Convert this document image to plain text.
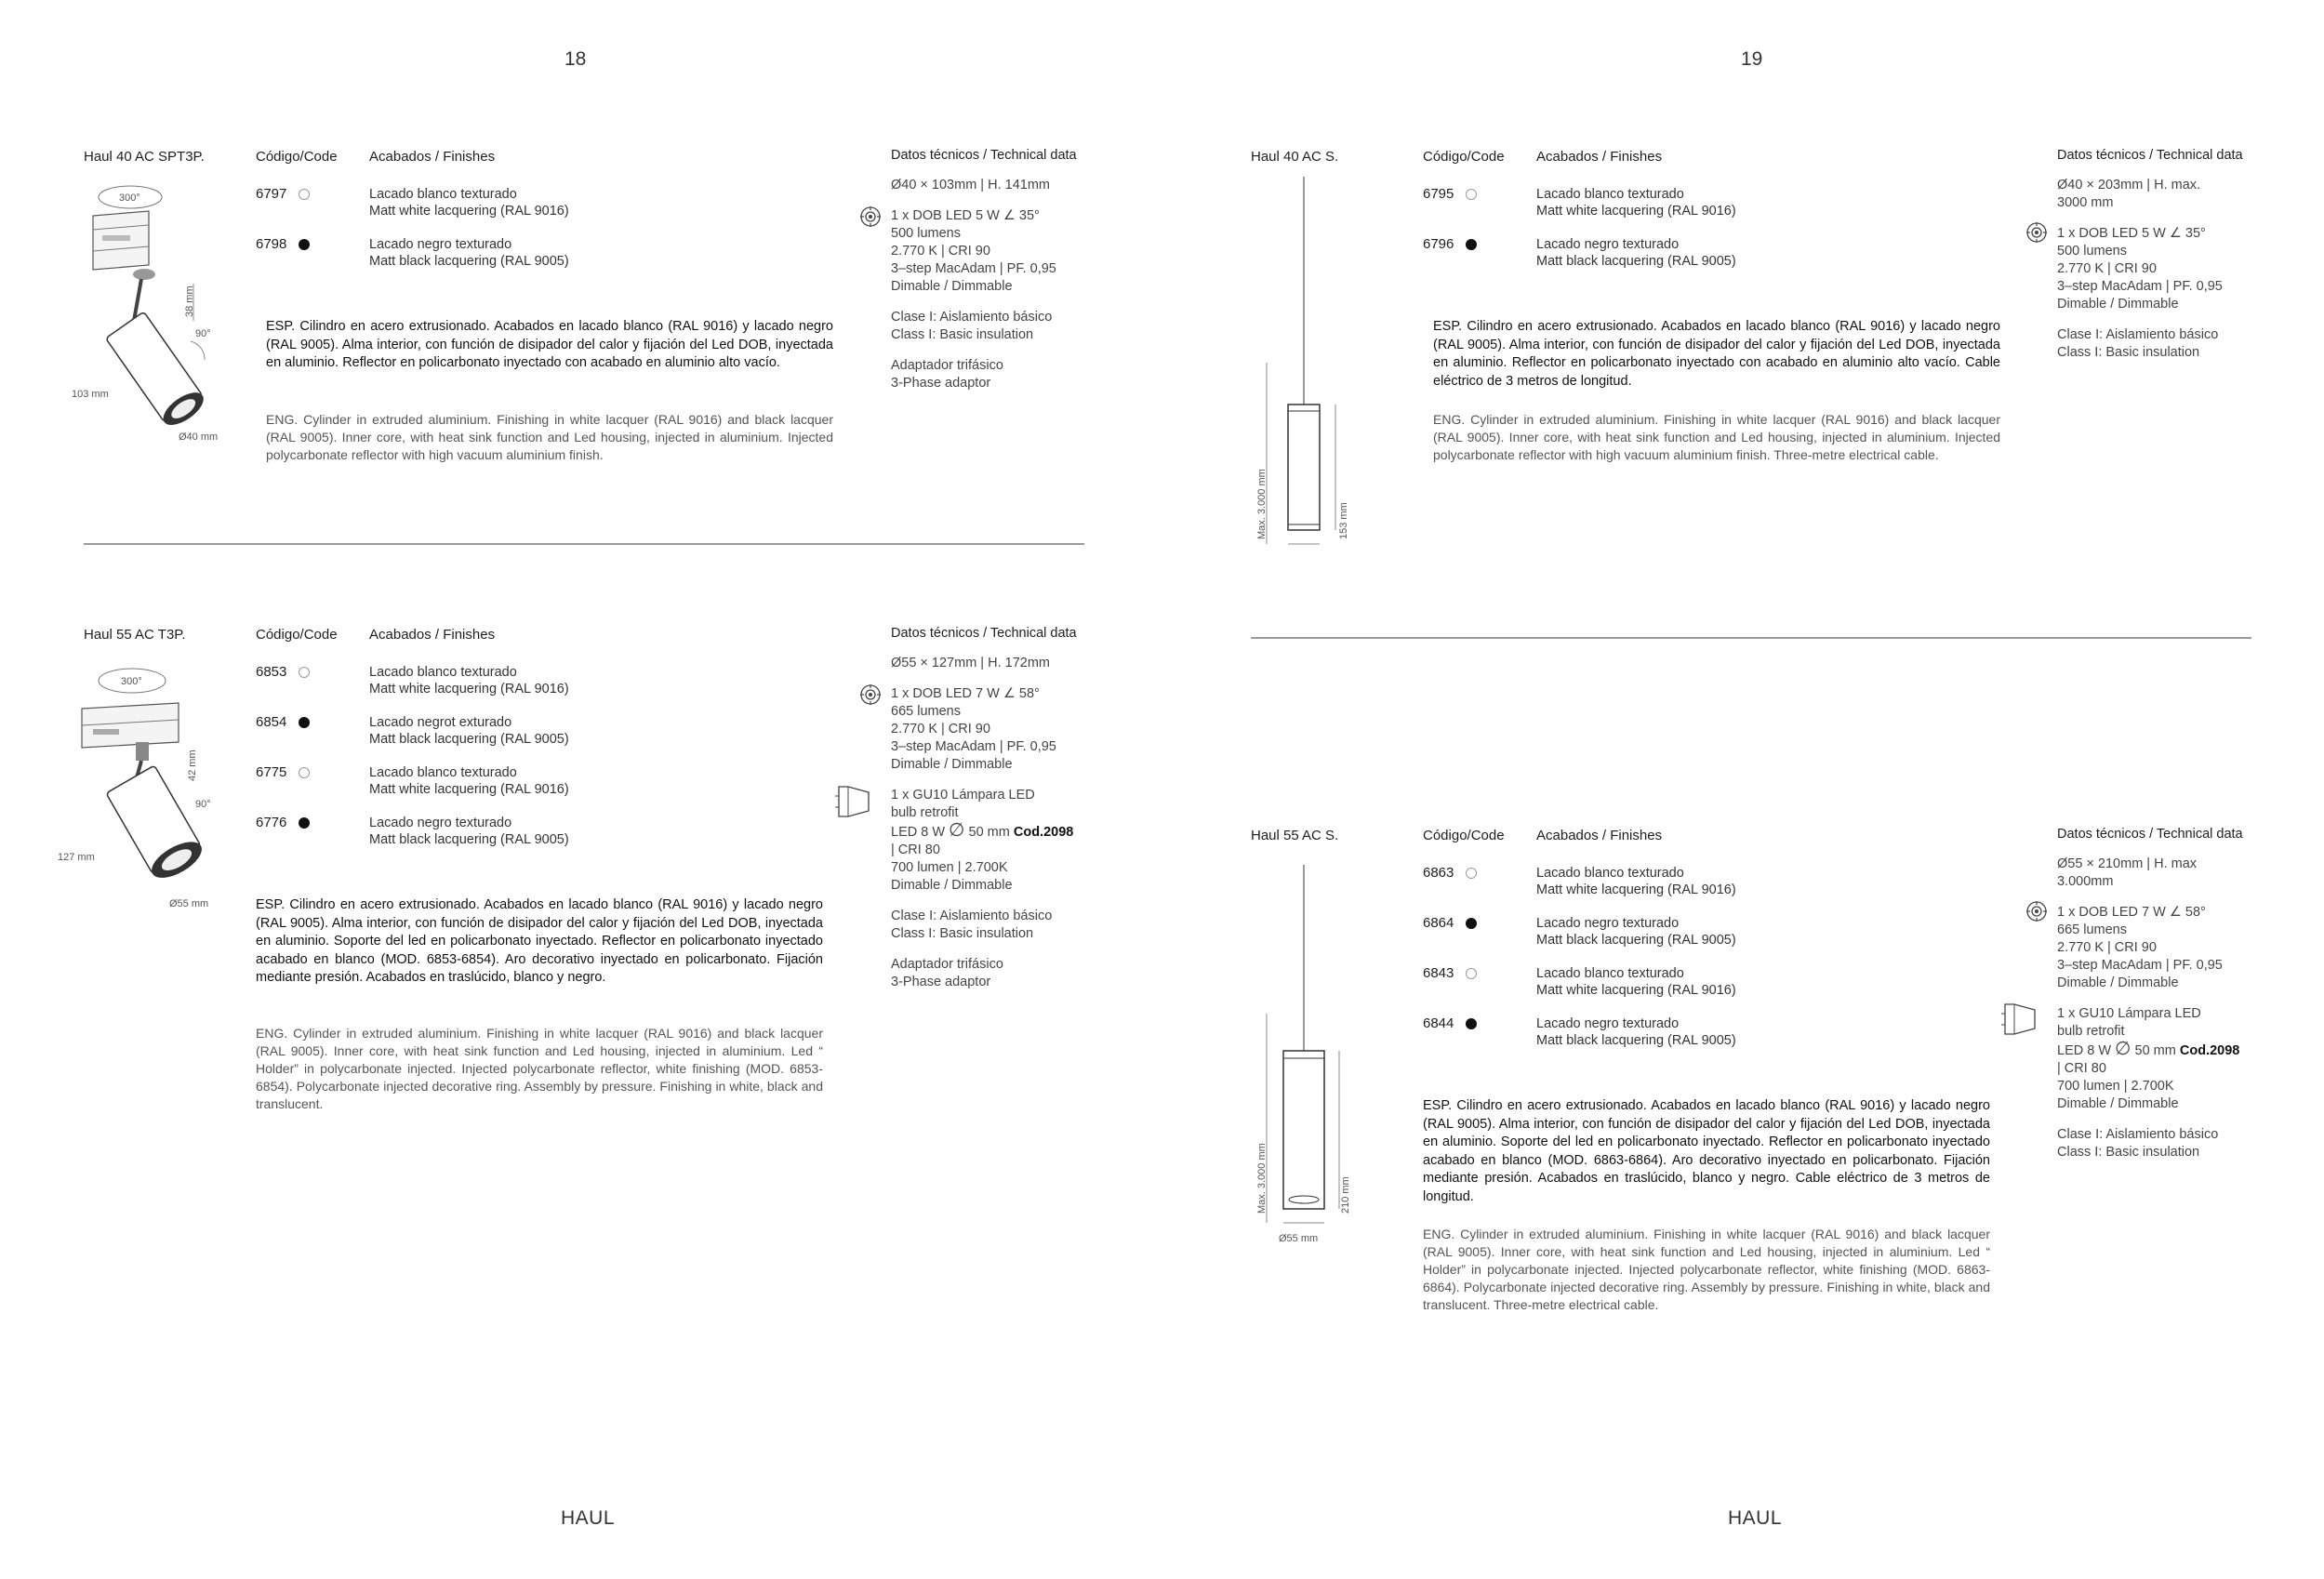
18	19
Haul 40 AC SPT3P.	Código/Code Acabados / Finishes	Datos técnicos / Technical data
6797	Lacado blanco texturado
Matt white lacquering (RAL 9016)
6798	Lacado negro texturado
Matt black lacquering (RAL 9005)
ESP. Cilindro en acero extrusionado. Acabados en lacado blanco (RAL 9016) y lacado negro (RAL 9005). Alma interior, con función de disipador del calor y fijación del Led DOB, inyectada en aluminio. Reflector en policarbonato inyectado con acabado en aluminio alto vacío.
ENG. Cylinder in extruded aluminium. Finishing in white lacquer (RAL 9016) and black lacquer (RAL 9005). Inner core, with heat sink function and Led housing, injected in aluminium. Injected polycarbonate reflector with high vacuum aluminium finish.
Ø40 × 103mm | H. 141mm
1 x DOB LED 5 W ∠ 35°
500 lumens
2.770 K | CRI 90
3–step MacAdam | PF. 0,95
Dimable / Dimmable
Clase I: Aislamiento básico
Class I: Basic insulation
Adaptador trifásico
3-Phase adaptor
300°
38 mm
90°
103 mm
Ø40 mm
Haul 55 AC T3P.	Código/Code Acabados / Finishes	Datos técnicos / Technical data
6853	Lacado blanco texturado
Matt white lacquering (RAL 9016)
6854	Lacado negrot exturado
Matt black lacquering (RAL 9005)
6775	Lacado blanco texturado
Matt white lacquering (RAL 9016)
6776	Lacado negro texturado
Matt black lacquering (RAL 9005)
ESP. Cilindro en acero extrusionado. Acabados en lacado blanco (RAL 9016) y lacado negro (RAL 9005). Alma interior, con función de disipador del calor y fijación del Led DOB, inyectada en aluminio. Soporte del led en policarbonato inyectado. Reflector en policarbonato inyectado acabado en blanco (MOD. 6853-6854). Aro decorativo inyectado en policarbonato. Fijación mediante presión. Acabados en traslúcido, blanco y negro.
ENG. Cylinder in extruded aluminium. Finishing in white lacquer (RAL 9016) and black lacquer (RAL 9005). Inner core, with heat sink function and Led housing, injected in aluminium. Led “ Holder” in polycarbonate injected. Injected polycarbonate reflector, white finishing (MOD. 6853-6854). Polycarbonate injected decorative ring. Assembly by pressure. Finishing in white, black and translucent.
Ø55 × 127mm | H. 172mm
1 x DOB LED 7 W ∠ 58°
665 lumens
2.770 K | CRI 90
3–step MacAdam | PF. 0,95
Dimable / Dimmable
1 x GU10 Lámpara LED
bulb retrofit
LED 8 W ∅ 50 mm Cod.2098
| CRI 80
700 lumen | 2.700K
Dimable / Dimmable
Clase I: Aislamiento básico
Class I: Basic insulation
Adaptador trifásico
3-Phase adaptor
300°
42 mm
90°
127 mm
Ø55 mm
HAUL
Haul 40 AC S.	Código/Code Acabados / Finishes	Datos técnicos / Technical data
6795	Lacado blanco texturado
Matt white lacquering (RAL 9016)
6796	Lacado negro texturado
Matt black lacquering (RAL 9005)
ESP. Cilindro en acero extrusionado. Acabados en lacado blanco (RAL 9016) y lacado negro (RAL 9005). Alma interior, con función de disipador del calor y fijación del Led DOB, inyectada en aluminio. Reflector en policarbonato inyectado con acabado en aluminio alto vacío. Cable eléctrico de 3 metros de longitud.
ENG. Cylinder in extruded aluminium. Finishing in white lacquer (RAL 9016) and black lacquer (RAL 9005). Inner core, with heat sink function and Led housing, injected in aluminium. Injected polycarbonate reflector with high vacuum aluminium finish. Three-metre electrical cable.
Ø40 × 203mm | H. max.
3000 mm
1 x DOB LED 5 W ∠ 35°
500 lumens
2.770 K | CRI 90
3–step MacAdam | PF. 0,95
Dimable / Dimmable
Clase I: Aislamiento básico
Class I: Basic insulation
Max. 3.000 mm	153 mm
Haul 55 AC S.	Código/Code Acabados / Finishes	Datos técnicos / Technical data
6863	Lacado blanco texturado
Matt white lacquering (RAL 9016)
6864	Lacado negro texturado
Matt black lacquering (RAL 9005)
6843	Lacado blanco texturado
Matt white lacquering (RAL 9016)
6844	Lacado negro texturado
Matt black lacquering (RAL 9005)
ESP. Cilindro en acero extrusionado. Acabados en lacado blanco (RAL 9016) y lacado negro (RAL 9005). Alma interior, con función de disipador del calor y fijación del Led DOB, inyectada en aluminio. Soporte del led en policarbonato inyectado. Reflector en policarbonato inyectado acabado en blanco (MOD. 6863-6864). Aro decorativo inyectado en policarbonato. Fijación mediante presión. Acabados en traslúcido, blanco y negro. Cable eléctrico de 3 metros de longitud.
ENG. Cylinder in extruded aluminium. Finishing in white lacquer (RAL 9016) and black lacquer (RAL 9005). Inner core, with heat sink function and Led housing, injected in aluminium. Led “ Holder” in polycarbonate injected. Injected polycarbonate reflector, white finishing (MOD. 6863-6864). Polycarbonate injected decorative ring. Assembly by pressure. Finishing in white, black and translucent. Three-metre electrical cable.
Ø55 × 210mm | H. max
3.000mm
1 x DOB LED 7 W ∠ 58°
665 lumens
2.770 K | CRI 90
3–step MacAdam | PF. 0,95
Dimable / Dimmable
1 x GU10 Lámpara LED
bulb retrofit
LED 8 W ∅ 50 mm Cod.2098
| CRI 80
700 lumen | 2.700K
Dimable / Dimmable
Clase I: Aislamiento básico
Class I: Basic insulation
Max. 3.000 mm	210 mm
Ø55 mm
HAUL
